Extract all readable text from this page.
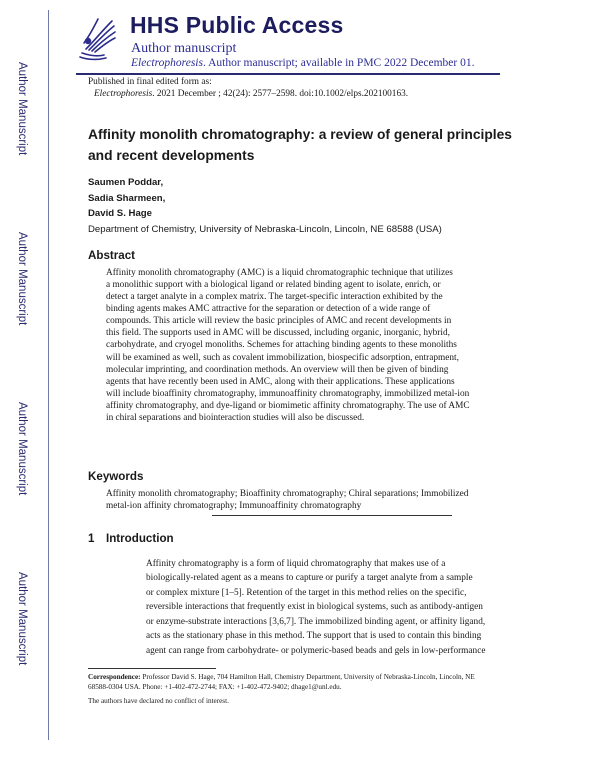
Author Manuscript
Author Manuscript
Author Manuscript
Author Manuscript
HHS Public Access
Author manuscript
Electrophoresis. Author manuscript; available in PMC 2022 December 01.
Published in final edited form as:
Electrophoresis. 2021 December ; 42(24): 2577–2598. doi:10.1002/elps.202100163.
Affinity monolith chromatography: a review of general principles
and recent developments
Saumen Poddar,
Sadia Sharmeen,
David S. Hage
Department of Chemistry, University of Nebraska-Lincoln, Lincoln, NE 68588 (USA)
Abstract
Affinity monolith chromatography (AMC) is a liquid chromatographic technique that utilizes
a monolithic support with a biological ligand or related binding agent to isolate, enrich, or
detect a target analyte in a complex matrix. The target-specific interaction exhibited by the
binding agents makes AMC attractive for the separation or detection of a wide range of
compounds. This article will review the basic principles of AMC and recent developments in
this field. The supports used in AMC will be discussed, including organic, inorganic, hybrid,
carbohydrate, and cryogel monoliths. Schemes for attaching binding agents to these monoliths
will be examined as well, such as covalent immobilization, biospecific adsorption, entrapment,
molecular imprinting, and coordination methods. An overview will then be given of binding
agents that have recently been used in AMC, along with their applications. These applications
will include bioaffinity chromatography, immunoaffinity chromatography, immobilized metal-ion
affinity chromatography, and dye-ligand or biomimetic affinity chromatography. The use of AMC
in chiral separations and biointeraction studies will also be discussed.
Keywords
Affinity monolith chromatography; Bioaffinity chromatography; Chiral separations; Immobilized
metal-ion affinity chromatography; Immunoaffinity chromatography
1 Introduction
Affinity chromatography is a form of liquid chromatography that makes use of a
biologically-related agent as a means to capture or purify a target analyte from a sample
or complex mixture [1–5]. Retention of the target in this method relies on the specific,
reversible interactions that frequently exist in biological systems, such as antibody-antigen
or enzyme-substrate interactions [3,6,7]. The immobilized binding agent, or affinity ligand,
acts as the stationary phase in this method. The support that is used to contain this binding
agent can range from carbohydrate- or polymeric-based beads and gels in low-performance
Correspondence: Professor David S. Hage, 704 Hamilton Hall, Chemistry Department, University of Nebraska-Lincoln, Lincoln, NE
68588-0304 USA. Phone: +1-402-472-2744; FAX: +1-402-472-9402; dhage1@unl.edu.
The authors have declared no conflict of interest.
